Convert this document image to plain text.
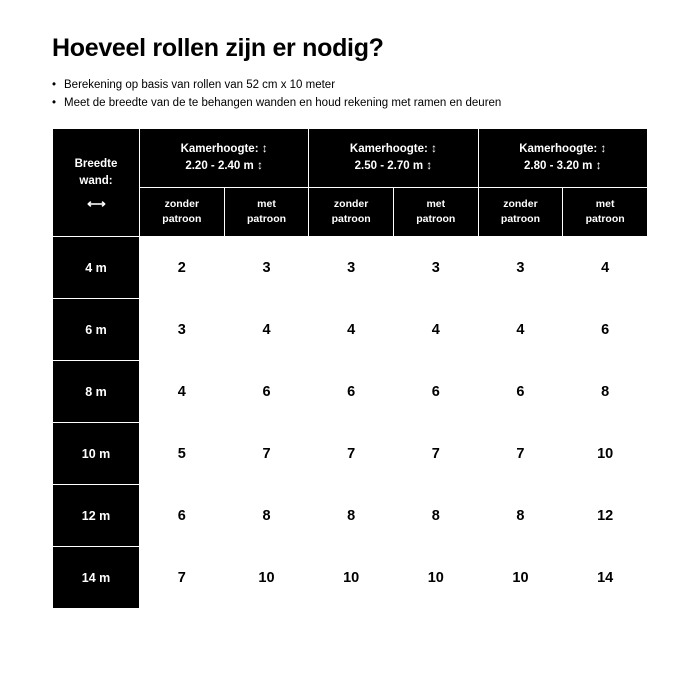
Hoeveel rollen zijn er nodig?
• Berekening op basis van rollen van 52 cm x 10 meter
• Meet de breedte van de te behangen wanden en houd rekening met ramen en deuren
Breedte
wand:
⟷

Kamerhoogte: ↕
2.20 - 2.40 m ↕

Kamerhoogte: ↕
2.50 - 2.70 m ↕

Kamerhoogte: ↕
2.80 - 3.20 m ↕

zonder
patroon

met
patroon

zonder
patroon

met
patroon

zonder
patroon

met
patroon

4 m	2	3	3	3	3	4
6 m	3	4	4	4	4	6
8 m	4	6	6	6	6	8
10 m	5	7	7	7	7	10
12 m	6	8	8	8	8	12
14 m	7	10	10	10	10	14
